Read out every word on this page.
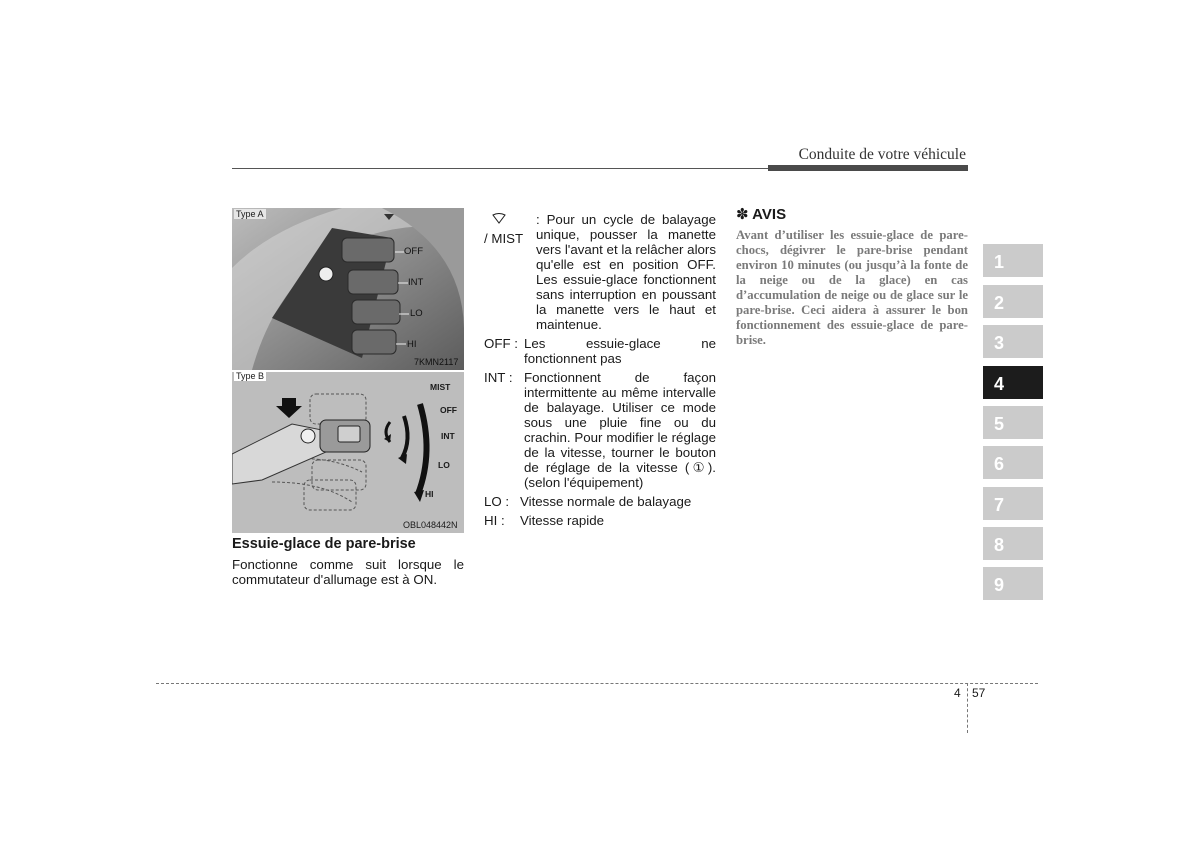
Conduite de votre véhicule
1
2
3
4
5
6
7
8
9
Type A
OFF
INT
LO
HI
7KMN2117
Type B
MIST
OFF
INT
LO
HI
OBL048442N
Essuie-glace de pare-brise
Fonctionne comme suit lorsque le commutateur d'allumage est à ON.
/ MIST
: Pour un cycle de balayage unique, pousser la manette vers l'avant et la relâcher alors qu'elle est en position OFF. Les essuie-glace fonctionnent sans interruption en poussant la manette vers le haut et maintenue.
OFF : Les essuie-glace ne fonctionnent pas
INT : Fonctionnent de façon intermittente au même intervalle de balayage. Utiliser ce mode sous une pluie fine ou du crachin. Pour modifier le réglage de la vitesse, tourner le bouton de réglage de la vitesse (①). (selon l'équipement)
LO : Vitesse normale de balayage
HI :	Vitesse rapide
✽ AVIS
Avant d’utiliser les essuie-glace de pare-chocs, dégivrer le pare-brise pendant environ 10 minutes (ou jusqu’à la fonte de la neige ou de la glace) en cas d’accumulation de neige ou de glace sur le pare-brise. Ceci aidera à assurer le bon fonctionnement des essuie-glace de pare-brise.
4 57
